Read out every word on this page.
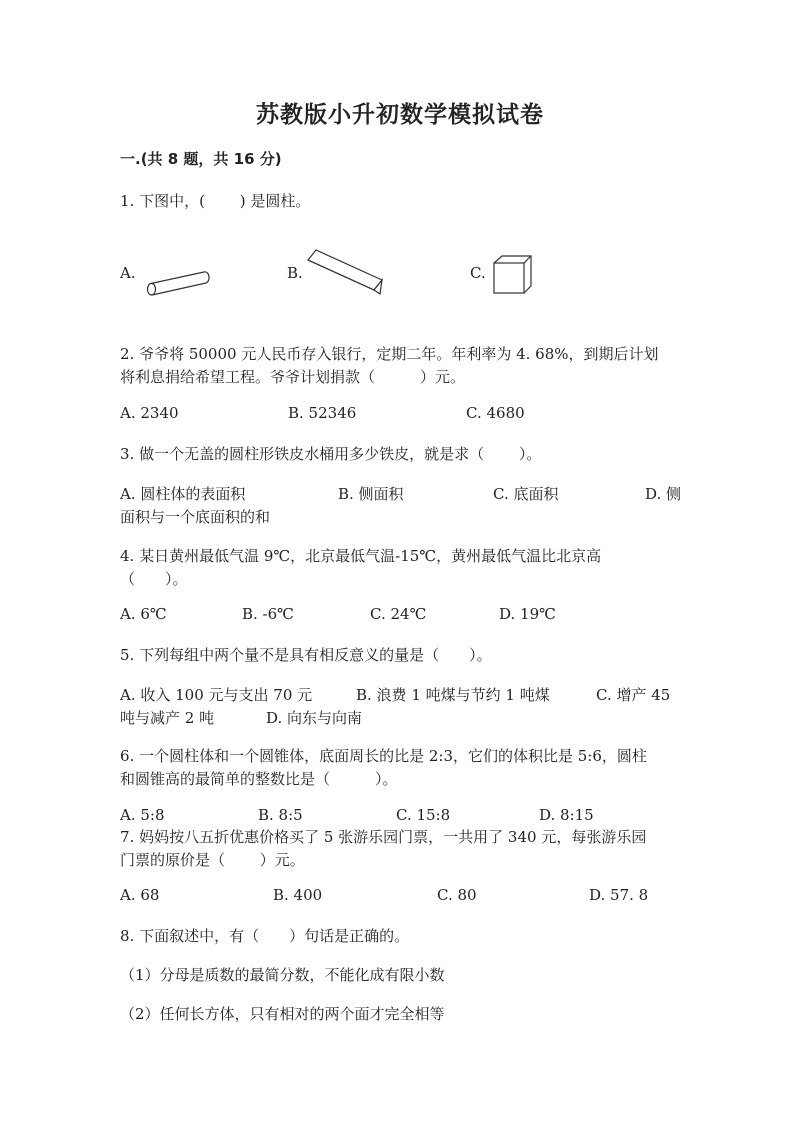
苏教版小升初数学模拟试卷
一.(共 8 题，共 16 分)
1. 下图中，(　　 ) 是圆柱。
A.	B.	C.
2. 爷爷将 50000 元人民币存入银行，定期二年。年利率为 4. 68%，到期后计划
将利息捐给希望工程。爷爷计划捐款（　　　）元。
A. 2340	B. 52346	C. 4680
3. 做一个无盖的圆柱形铁皮水桶用多少铁皮，就是求（　　 ）。
A. 圆柱体的表面积	B. 侧面积	C. 底面积	D. 侧
面积与一个底面积的和
4. 某日黄州最低气温 9℃，北京最低气温-15℃，黄州最低气温比北京高
（　　）。
A. 6℃	B. -6℃	C. 24℃	D. 19℃
5. 下列每组中两个量不是具有相反意义的量是（　　）。
A. 收入 100 元与支出 70 元	B. 浪费 1 吨煤与节约 1 吨煤	C. 增产 45
吨与减产 2 吨	D. 向东与向南
6. 一个圆柱体和一个圆锥体，底面周长的比是 2:3，它们的体积比是 5:6，圆柱
和圆锥高的最简单的整数比是（　　　）。
A. 5:8	B. 8:5	C. 15:8	D. 8:15
7. 妈妈按八五折优惠价格买了 5 张游乐园门票，一共用了 340 元，每张游乐园
门票的原价是（　　 ）元。
A. 68	B. 400	C. 80	D. 57. 8
8. 下面叙述中，有（　　）句话是正确的。
（1）分母是质数的最简分数，不能化成有限小数
（2）任何长方体，只有相对的两个面才完全相等
